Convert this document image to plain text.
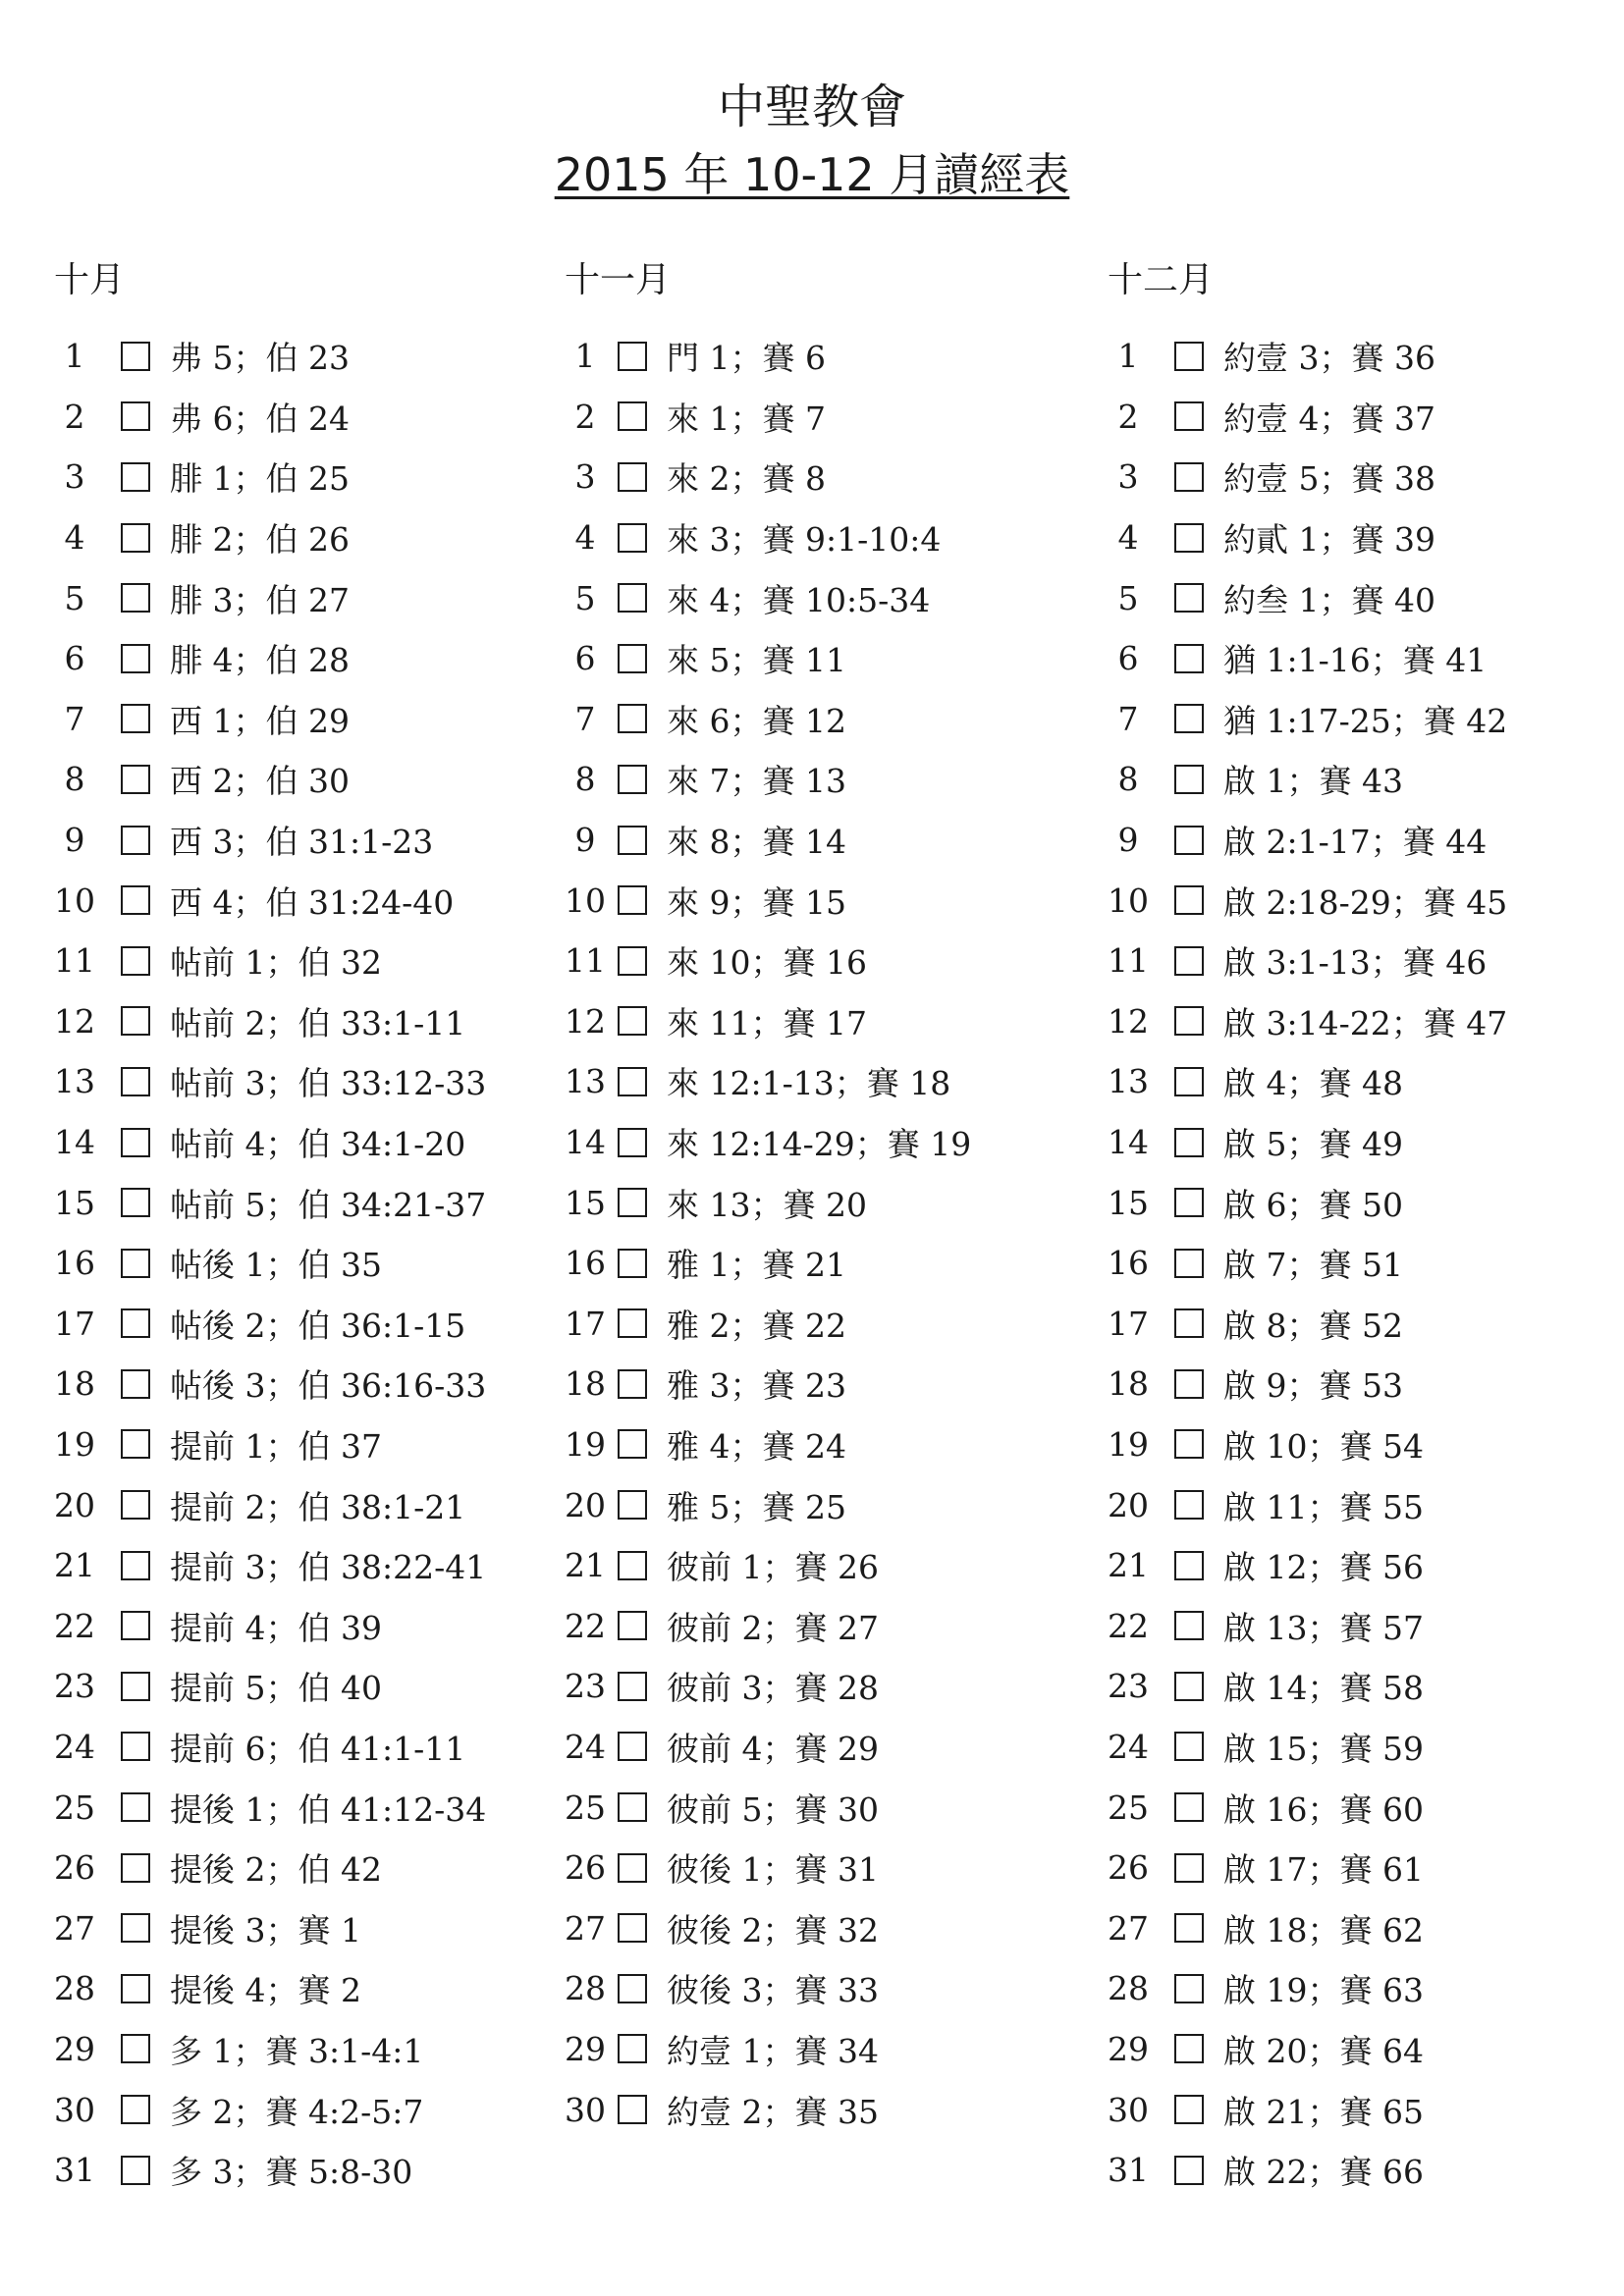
中聖教會
2015 年 10-12 月讀經表
十月
1	弗 5；伯 23
2	弗 6；伯 24
3	腓 1；伯 25
4	腓 2；伯 26
5	腓 3；伯 27
6	腓 4；伯 28
7	西 1；伯 29
8	西 2；伯 30
9	西 3；伯 31:1-23
10 西 4；伯 31:24-40
11 帖前 1；伯 32
12 帖前 2；伯 33:1-11
13 帖前 3；伯 33:12-33
14 帖前 4；伯 34:1-20
15 帖前 5；伯 34:21-37
16 帖後 1；伯 35
17 帖後 2；伯 36:1-15
18 帖後 3；伯 36:16-33
19 提前 1；伯 37
20 提前 2；伯 38:1-21
21 提前 3；伯 38:22-41
22 提前 4；伯 39
23 提前 5；伯 40
24 提前 6；伯 41:1-11
25 提後 1；伯 41:12-34
26 提後 2；伯 42
27 提後 3；賽 1
28 提後 4；賽 2
29 多 1；賽 3:1-4:1
30 多 2；賽 4:2-5:7
31 多 3；賽 5:8-30
十一月
1	門 1；賽 6
2	來 1；賽 7
3	來 2；賽 8
4	來 3；賽 9:1-10:4
5	來 4；賽 10:5-34
6	來 5；賽 11
7	來 6；賽 12
8	來 7；賽 13
9	來 8；賽 14
10 來 9；賽 15
11 來 10；賽 16
12 來 11；賽 17
13 來 12:1-13；賽 18
14 來 12:14-29；賽 19
15 來 13；賽 20
16 雅 1；賽 21
17 雅 2；賽 22
18 雅 3；賽 23
19 雅 4；賽 24
20 雅 5；賽 25
21 彼前 1；賽 26
22 彼前 2；賽 27
23 彼前 3；賽 28
24 彼前 4；賽 29
25 彼前 5；賽 30
26 彼後 1；賽 31
27 彼後 2；賽 32
28 彼後 3；賽 33
29 約壹 1；賽 34
30 約壹 2；賽 35
十二月
1	約壹 3；賽 36
2	約壹 4；賽 37
3	約壹 5；賽 38
4	約貳 1；賽 39
5	約叁 1；賽 40
6	猶 1:1-16；賽 41
7	猶 1:17-25；賽 42
8	啟 1；賽 43
9	啟 2:1-17；賽 44
10 啟 2:18-29；賽 45
11 啟 3:1-13；賽 46
12 啟 3:14-22；賽 47
13 啟 4；賽 48
14 啟 5；賽 49
15 啟 6；賽 50
16 啟 7；賽 51
17 啟 8；賽 52
18 啟 9；賽 53
19 啟 10；賽 54
20 啟 11；賽 55
21 啟 12；賽 56
22 啟 13；賽 57
23 啟 14；賽 58
24 啟 15；賽 59
25 啟 16；賽 60
26 啟 17；賽 61
27 啟 18；賽 62
28 啟 19；賽 63
29 啟 20；賽 64
30 啟 21；賽 65
31 啟 22；賽 66
